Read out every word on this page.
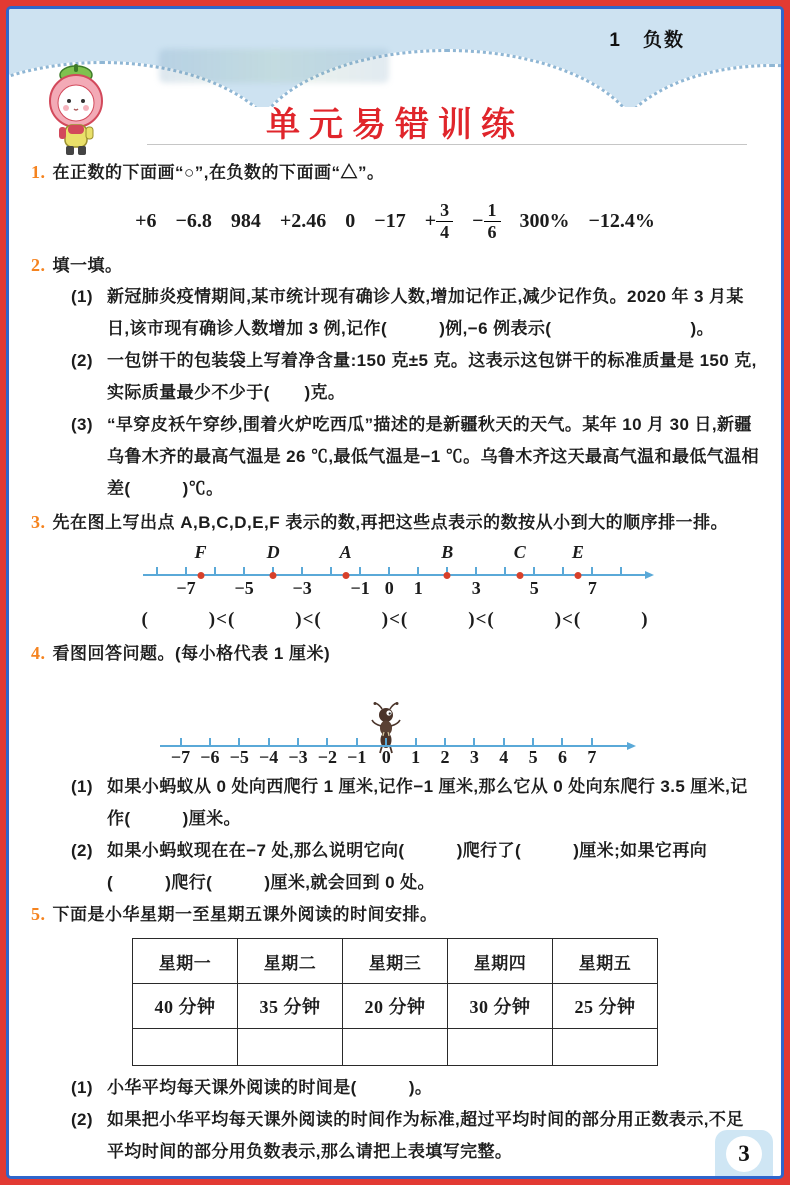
1　负数
单元易错训练
1. 在正数的下面画“○”,在负数的下面画“△”。
+6 −6.8 984 +2.46 $0 -17 + \frac{3}{4} - \frac{1}{6} 300\% -12.4\%$
2. 填一填。
(1) 新冠肺炎疫情期间,某市统计现有确诊人数,增加记作正,减少记作负。2020 年 3 月某日,该市现有确诊人数增加 3 例,记作(　　　)例,−6 例表示(　　　　　　　　)。
(2) 一包饼干的包装袋上写着净含量:150 克±5 克。这表示这包饼干的标准质量是 150 克,实际质量最少不少于(　　)克。
(3) “早穿皮袄午穿纱,围着火炉吃西瓜”描述的是新疆秋天的天气。某年 10 月 30 日,新疆乌鲁木齐的最高气温是 26 ℃,最低气温是−1 ℃。乌鲁木齐这天最高气温和最低气温相差(　　　)℃。
3. 先在图上写出点 A,B,C,D,E,F 表示的数,再把这些点表示的数按从小到大的顺序排一排。
F	D	A	B	C	E
−7 −5 −3 −1 0 1	3	5	7
(　　　)<(　　　)<(　　　)<(　　　)<(　　　)<(　　　)
4. 看图回答问题。(每小格代表 1 厘米)
−7 −6 −5 −4 −3 −2 −1 0 1 2 3 4 5 6 7
(1) 如果小蚂蚁从 0 处向西爬行 1 厘米,记作−1 厘米,那么它从 0 处向东爬行 3.5 厘米,记作(　　　)厘米。
(2) 如果小蚂蚁现在在−7 处,那么说明它向(　　　)爬行了(　　　)厘米;如果它再向(　　　)爬行(　　　)厘米,就会回到 0 处。
5. 下面是小华星期一至星期五课外阅读的时间安排。
星期一	星期二	星期三	星期四	星期五
40 分钟	35 分钟	20 分钟	30 分钟	25 分钟

(1) 小华平均每天课外阅读的时间是(　　　)。
(2) 如果把小华平均每天课外阅读的时间作为标准,超过平均时间的部分用正数表示,不足平均时间的部分用负数表示,那么请把上表填写完整。	3
